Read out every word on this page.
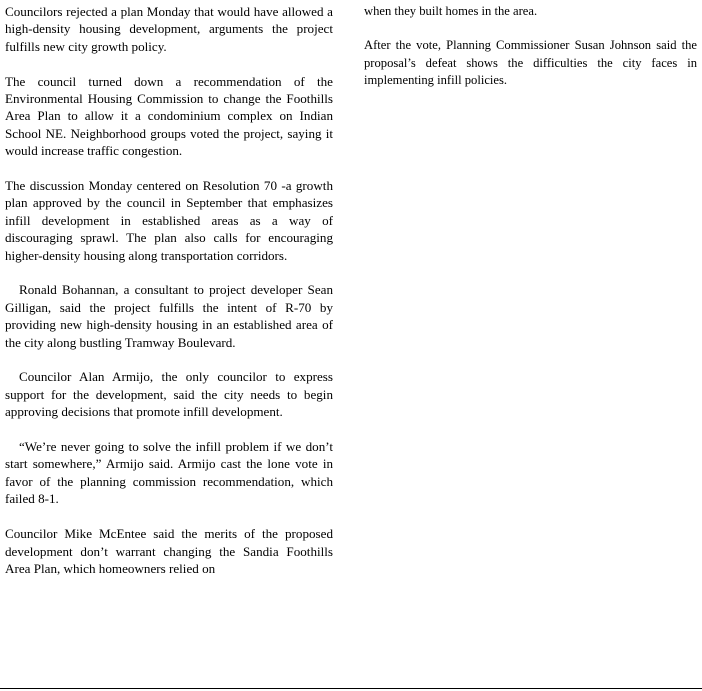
Councilors rejected a plan Monday that would have allowed a high-density housing development, arguments the project fulfills new city growth policy.

The council turned down a recommendation of the Environmental Housing Commission to change the Foothills Area Plan to allow it a condominium complex on Indian School NE. Neighborhood groups voted the project, saying it would increase traffic congestion.

The discussion Monday centered on Resolution 70 -a growth plan approved by the council in September that emphasizes infill development in established areas as a way of discouraging sprawl. The plan also calls for encouraging higher-density housing along transportation corridors.

Ronald Bohannan, a consultant to project developer Sean Gilligan, said the project fulfills the intent of R-70 by providing new high-density housing in an established area of the city along bustling Tramway Boulevard.

Councilor Alan Armijo, the only councilor to express support for the development, said the city needs to begin approving decisions that promote infill development.

“We’re never going to solve the infill problem if we don’t start somewhere,” Armijo said. Armijo cast the lone vote in favor of the planning commission recommendation, which failed 8-1.

Councilor Mike McEntee said the merits of the proposed development don’t warrant changing the Sandia Foothills Area Plan, which homeowners relied on

when they built homes in the area.

After the vote, Planning Commissioner Susan Johnson said the proposal’s defeat shows the difficulties the city faces in implementing infill policies.
